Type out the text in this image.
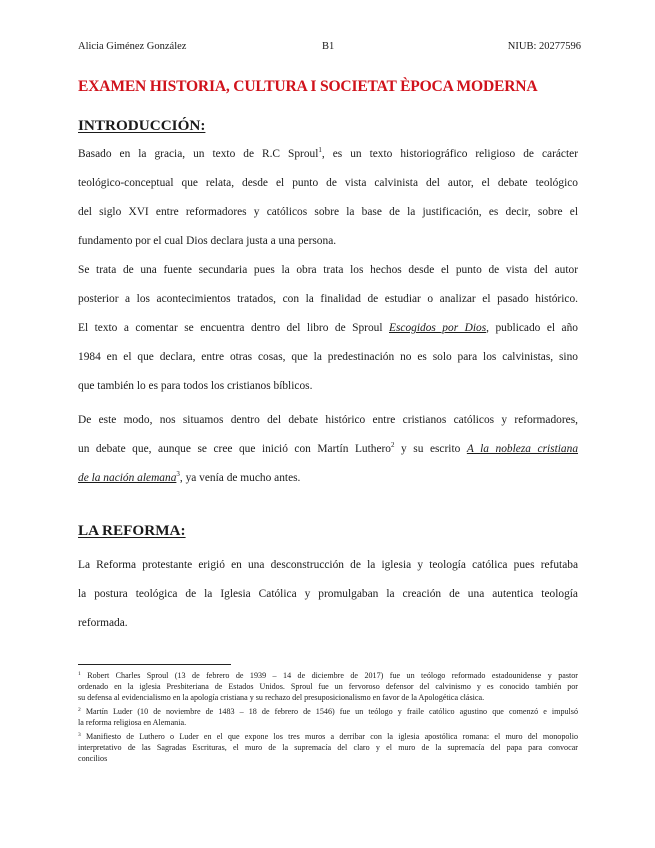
Alicia Giménez González	B1	NIUB: 20277596
EXAMEN HISTORIA, CULTURA I SOCIETAT ÈPOCA MODERNA
INTRODUCCIÓN:
Basado en la gracia, un texto de R.C Sproul$^1$, es un texto historiográfico religioso de carácter
teológico-conceptual que relata, desde el punto de vista calvinista del autor, el debate teológico
del siglo XVI entre reformadores y católicos sobre la base de la justificación, es decir, sobre el
fundamento por el cual Dios declara justa a una persona.
Se trata de una fuente secundaria pues la obra trata los hechos desde el punto de vista del autor
posterior a los acontecimientos tratados, con la finalidad de estudiar o analizar el pasado histórico.
El texto a comentar se encuentra dentro del libro de Sproul Escogidos por Dios, publicado el año
1984 en el que declara, entre otras cosas, que la predestinación no es solo para los calvinistas, sino
que también lo es para todos los cristianos bíblicos.
De este modo, nos situamos dentro del debate histórico entre cristianos católicos y reformadores,
un debate que, aunque se cree que inició con Martín Luthero$^2$ y su escrito A la nobleza cristiana
de la nación alemana$^3$, ya venía de mucho antes.
LA REFORMA:
La Reforma protestante erigió en una desconstrucción de la iglesia y teología católica pues refutaba
la postura teológica de la Iglesia Católica y promulgaban la creación de una autentica teología
reformada.
$^1$ Robert Charles Sproul (13 de febrero de 1939 – 14 de diciembre de 2017) fue un teólogo reformado estadounidense y pastor
ordenado en la iglesia Presbiteriana de Estados Unidos. Sproul fue un fervoroso defensor del calvinismo y es conocido también por
su defensa al evidencialismo en la apología cristiana y su rechazo del presuposicionalismo en favor de la Apologética clásica.
$^2$ Martín Luder (10 de noviembre de 1483 – 18 de febrero de 1546) fue un teólogo y fraile católico agustino que comenzó e impulsó
la reforma religiosa en Alemania.
$^3$ Manifiesto de Luthero o Luder en el que expone los tres muros a derribar con la iglesia apostólica romana: el muro del monopolio
interpretativo de las Sagradas Escrituras, el muro de la supremacía del claro y el muro de la supremacía del papa para convocar
concilios
